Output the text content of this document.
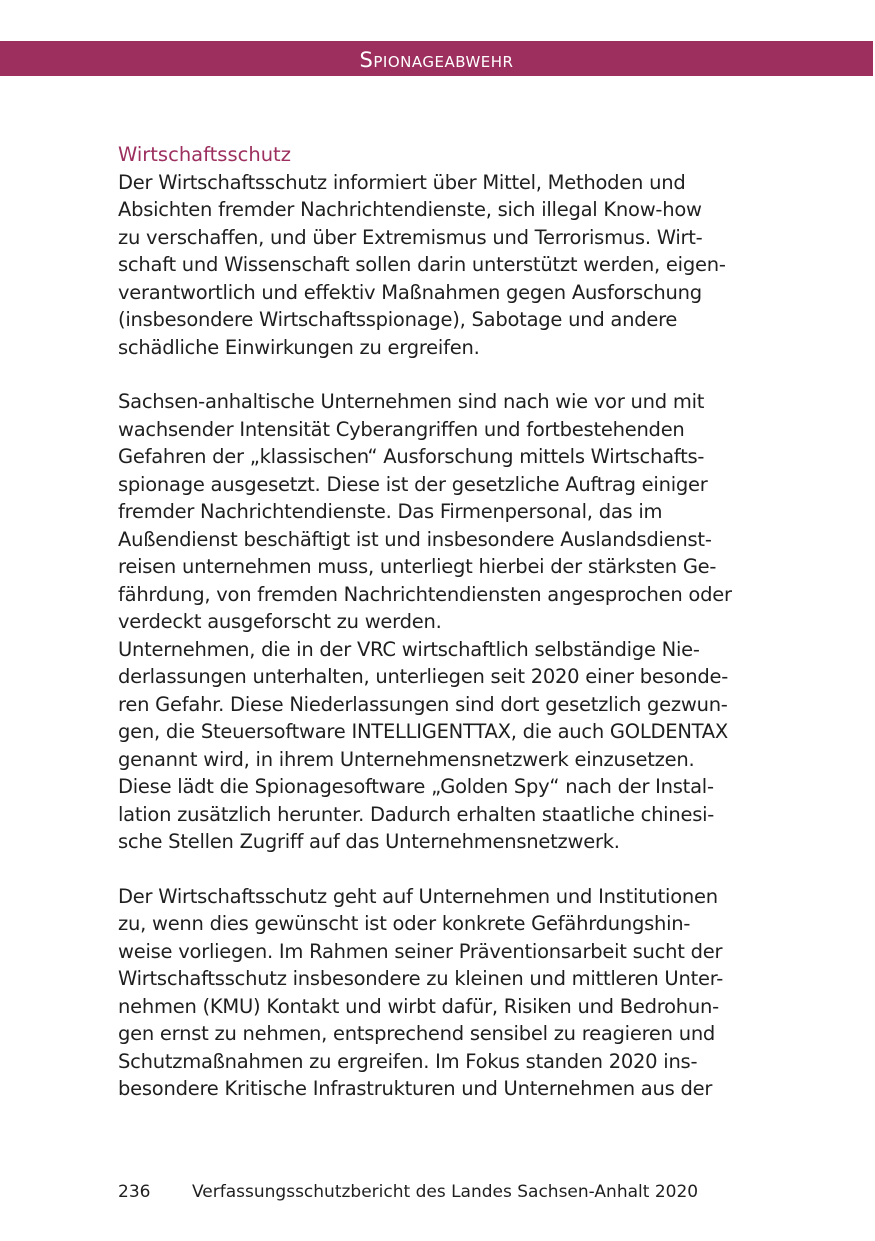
Spionageabwehr
Wirtschaftsschutz

Der Wirtschaftsschutz informiert über Mittel, Methoden und
Absichten fremder Nachrichtendienste, sich illegal Know-how
zu verschaffen, und über Extremismus und Terrorismus. Wirt-
schaft und Wissenschaft sollen darin unterstützt werden, eigen-
verantwortlich und effektiv Maßnahmen gegen Ausforschung
(insbesondere Wirtschaftsspionage), Sabotage und andere
schädliche Einwirkungen zu ergreifen.

Sachsen-anhaltische Unternehmen sind nach wie vor und mit
wachsender Intensität Cyberangriffen und fortbestehenden
Gefahren der „klassischen“ Ausforschung mittels Wirtschafts-
spionage ausgesetzt. Diese ist der gesetzliche Auftrag einiger
fremder Nachrichtendienste. Das Firmenpersonal, das im
Außendienst beschäftigt ist und insbesondere Auslandsdienst-
reisen unternehmen muss, unterliegt hierbei der stärksten Ge-
fährdung, von fremden Nachrichtendiensten angesprochen oder
verdeckt ausgeforscht zu werden.

Unternehmen, die in der VRC wirtschaftlich selbständige Nie-
derlassungen unterhalten, unterliegen seit 2020 einer besonde-
ren Gefahr. Diese Niederlassungen sind dort gesetzlich gezwun-
gen, die Steuersoftware INTELLIGENTTAX, die auch GOLDENTAX
genannt wird, in ihrem Unternehmensnetzwerk einzusetzen.
Diese lädt die Spionagesoftware „Golden Spy“ nach der Instal-
lation zusätzlich herunter. Dadurch erhalten staatliche chinesi-
sche Stellen Zugriff auf das Unternehmensnetzwerk.

Der Wirtschaftsschutz geht auf Unternehmen und Institutionen
zu, wenn dies gewünscht ist oder konkrete Gefährdungshin-
weise vorliegen. Im Rahmen seiner Präventionsarbeit sucht der
Wirtschaftsschutz insbesondere zu kleinen und mittleren Unter-
nehmen (KMU) Kontakt und wirbt dafür, Risiken und Bedrohun-
gen ernst zu nehmen, entsprechend sensibel zu reagieren und
Schutzmaßnahmen zu ergreifen. Im Fokus standen 2020 ins-
besondere Kritische Infrastrukturen und Unternehmen aus der

236 Verfassungsschutzbericht des Landes Sachsen-Anhalt 2020
